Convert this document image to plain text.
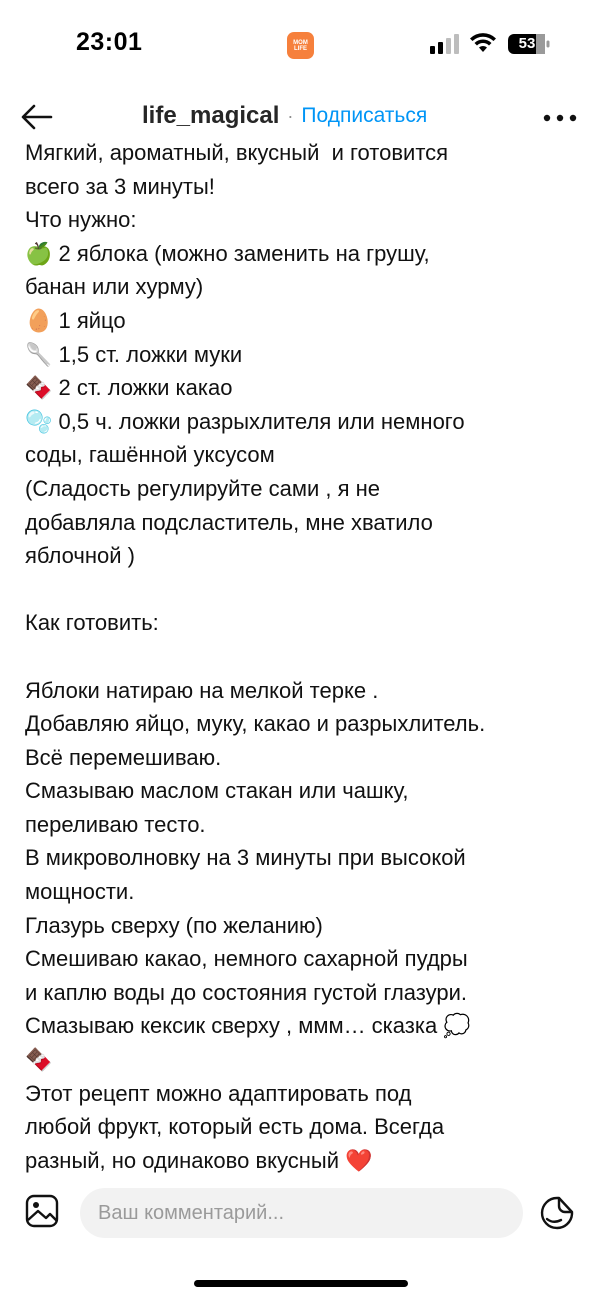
23:01	MOM
LIFE	53
life_magical · Подписаться

Мягкий, ароматный, вкусный  и готовится

всего за 3 минуты!

Что нужно:

🍏 2 яблока (можно заменить на грушу,

банан или хурму)

🥚 1 яйцо

🥄 1,5 ст. ложки муки

🍫 2 ст. ложки какао

🫧 0,5 ч. ложки разрыхлителя или немного

соды, гашённой уксусом

(Сладость регулируйте сами , я не

добавляла подсластитель, мне хватило

яблочной )

Как готовить:

Яблоки натираю на мелкой терке .

Добавляю яйцо, муку, какао и разрыхлитель.

Всё перемешиваю.

Смазываю маслом стакан или чашку,

переливаю тесто.

В микроволновку на 3 минуты при высокой

мощности.

Глазурь сверху (по желанию)

Смешиваю какао, немного сахарной пудры

и каплю воды до состояния густой глазури.

Смазываю кексик сверху , ммм… сказка 💭

🍫

Этот рецепт можно адаптировать под

любой фрукт, который есть дома. Всегда

разный, но одинаково вкусный ❤️

Ваш комментарий...
